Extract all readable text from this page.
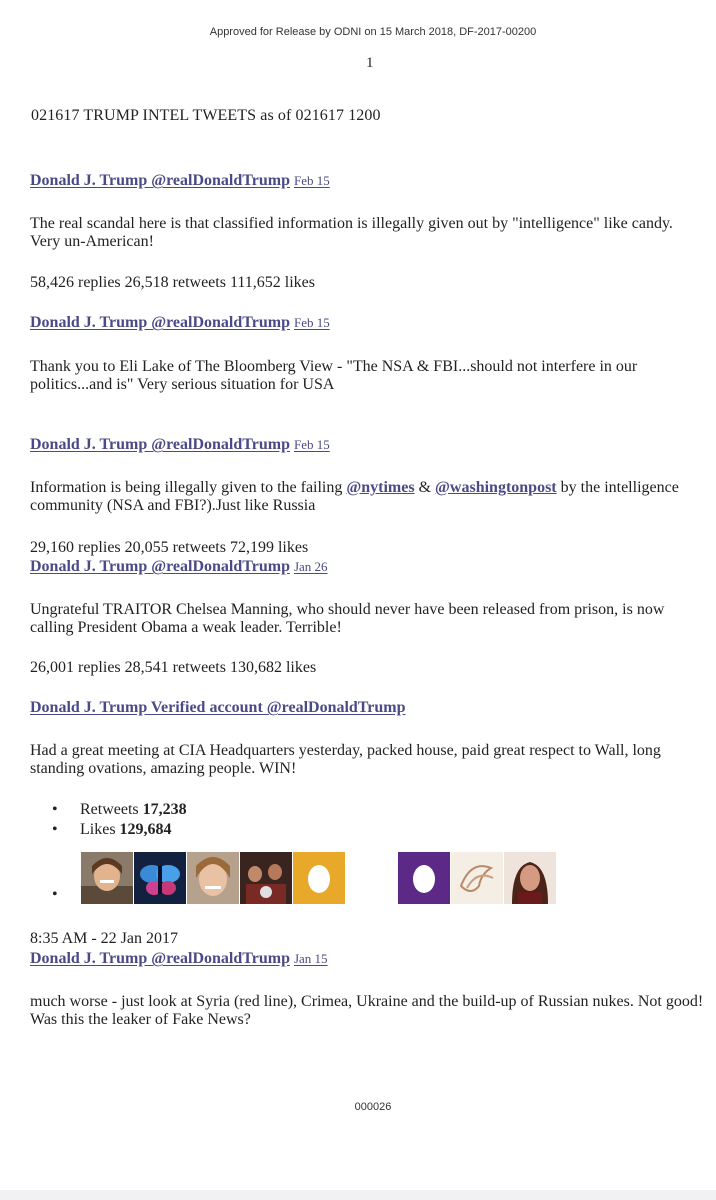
Approved for Release by ODNI on 15 March 2018, DF-2017-00200
1
021617 TRUMP INTEL TWEETS as of 021617 1200
Donald J. Trump @realDonaldTrump Feb 15
The real scandal here is that classified information is illegally given out by "intelligence" like candy. Very un-American!
58,426 replies 26,518 retweets 111,652 likes
Donald J. Trump @realDonaldTrump Feb 15
Thank you to Eli Lake of The Bloomberg View - "The NSA & FBI...should not interfere in our politics...and is" Very serious situation for USA
Donald J. Trump @realDonaldTrump Feb 15
Information is being illegally given to the failing @nytimes & @washingtonpost by the intelligence community (NSA and FBI?).Just like Russia
29,160 replies 20,055 retweets 72,199 likes
Donald J. Trump @realDonaldTrump Jan 26
Ungrateful TRAITOR Chelsea Manning, who should never have been released from prison, is now calling President Obama a weak leader. Terrible!
26,001 replies 28,541 retweets 130,682 likes
Donald J. Trump Verified account @realDonaldTrump
Had a great meeting at CIA Headquarters yesterday, packed house, paid great respect to Wall, long standing ovations, amazing people. WIN!
• Retweets 17,238
• Likes 129,684
•
8:35 AM - 22 Jan 2017
Donald J. Trump @realDonaldTrump Jan 15
much worse - just look at Syria (red line), Crimea, Ukraine and the build-up of Russian nukes. Not good! Was this the leaker of Fake News?
000026
